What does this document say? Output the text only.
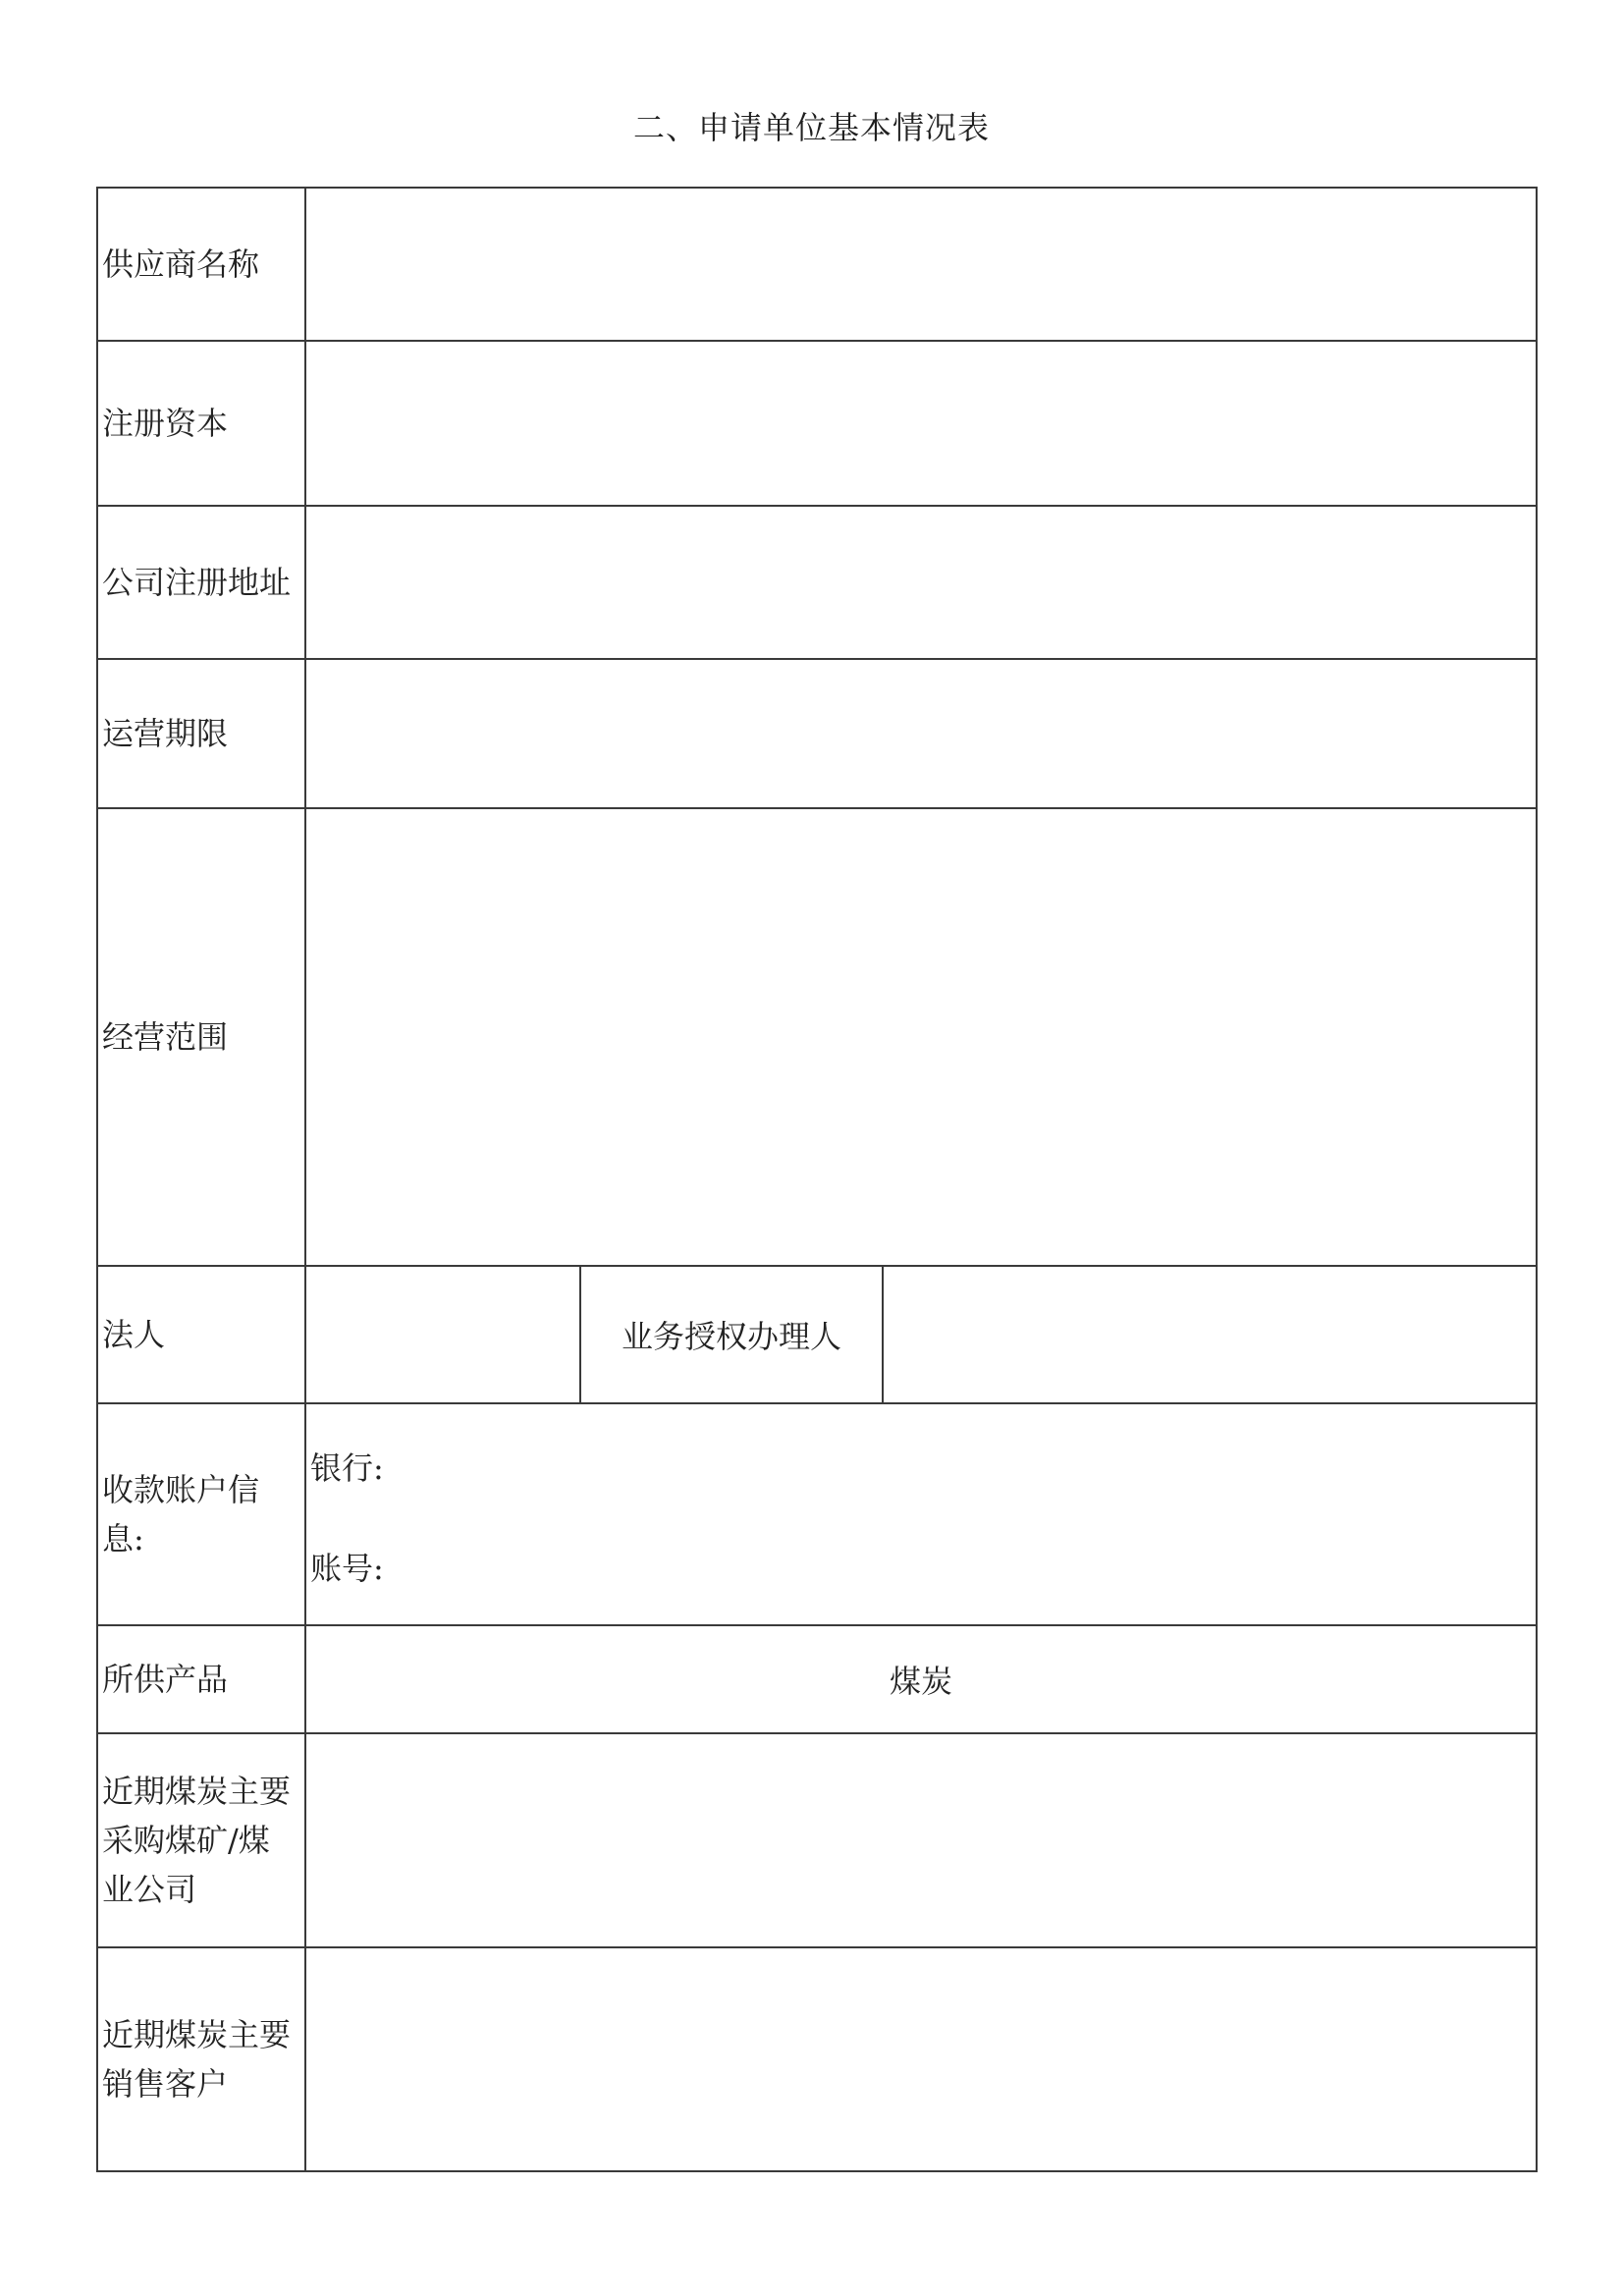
二、申请单位基本情况表
供应商名称
注册资本
公司注册地址
运营期限
经营范围
法人	业务授权办理人
收款账户信
息:
银行:
账号:
所供产品	煤炭
近期煤炭主要
采购煤矿/煤
业公司
近期煤炭主要
销售客户
